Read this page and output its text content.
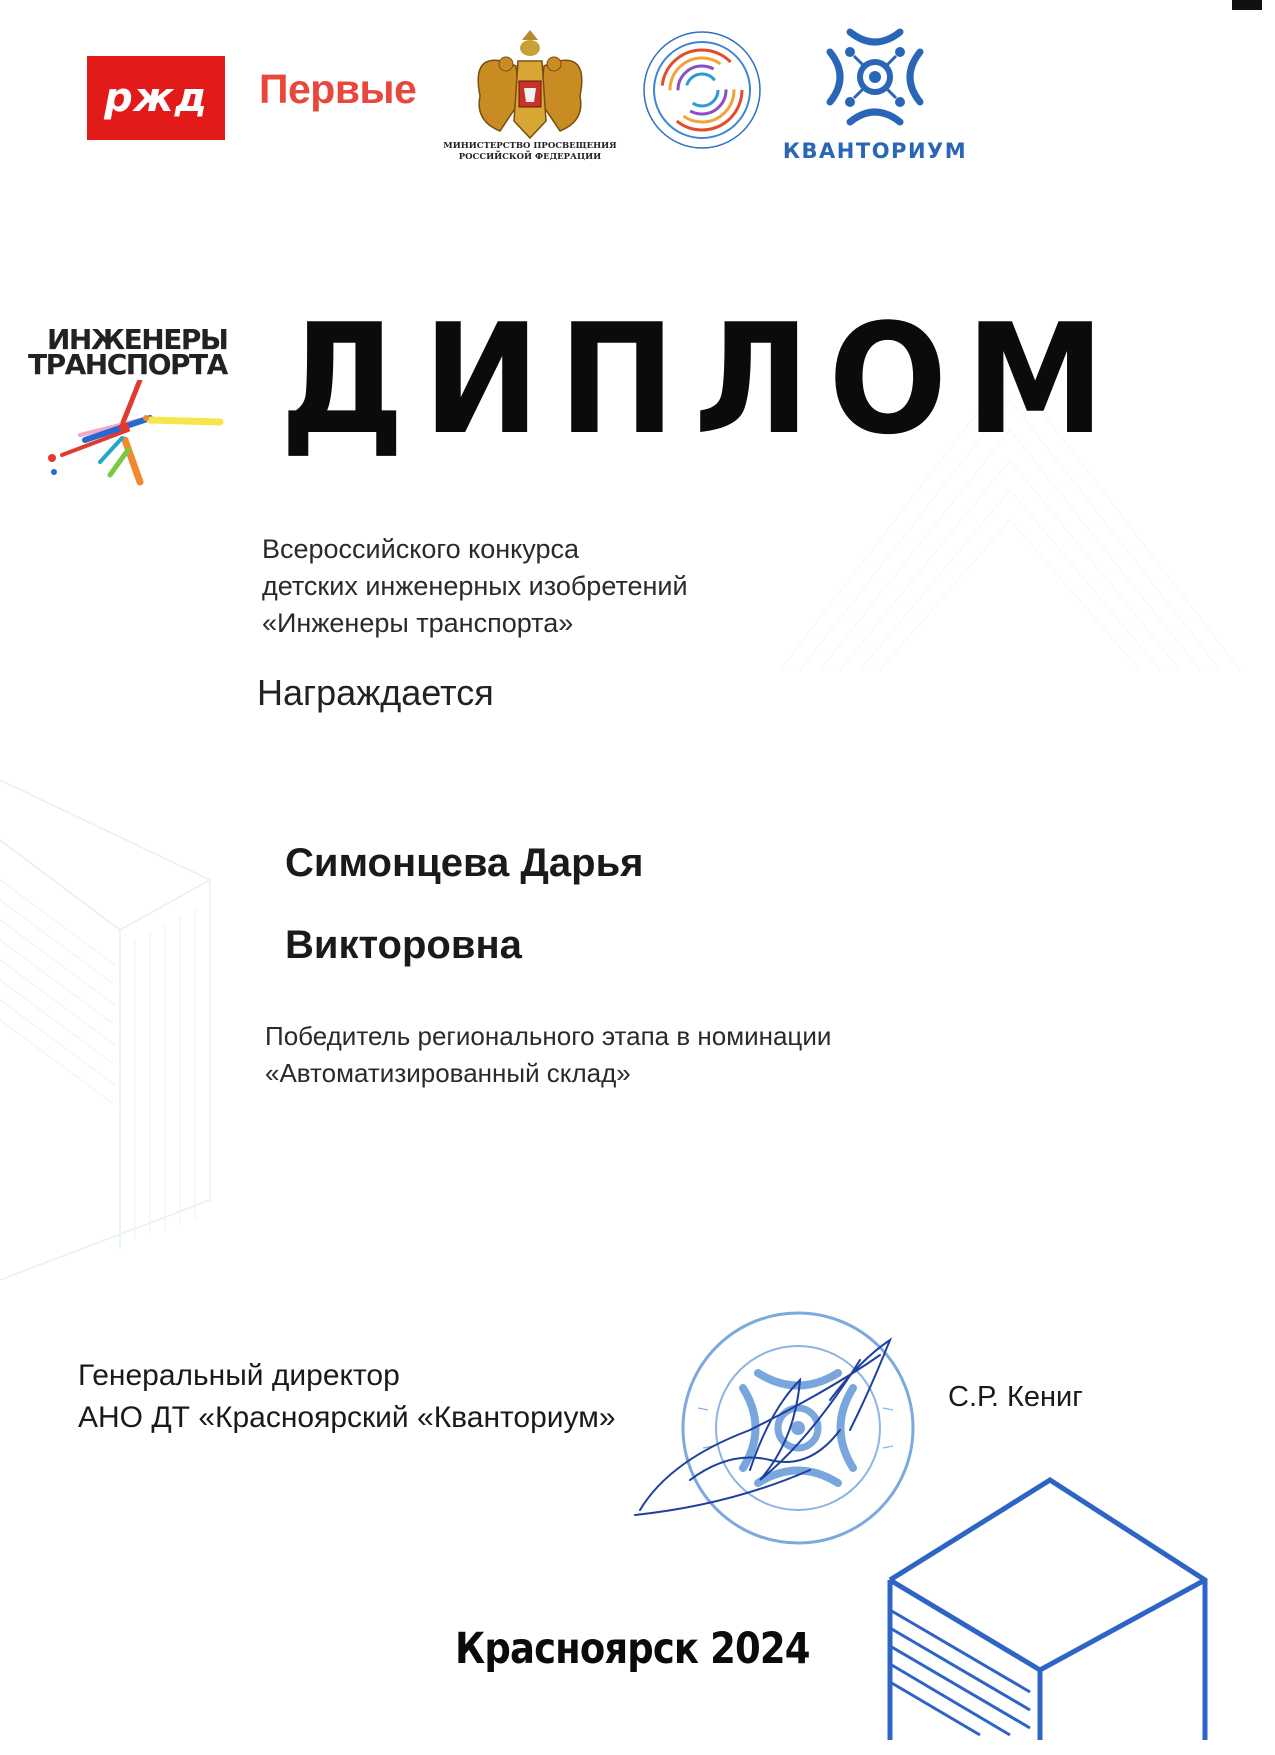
ржд	Первые
МИНИСТЕРСТВО ПРОСВЕЩЕНИЯ
РОССИЙСКОЙ ФЕДЕРАЦИИ	КВАНТОРИУМ
ИНЖЕНЕРЫ
ТРАНСПОРТА ДИПЛОМ
Всероссийского конкурса
детских инженерных изобретений
«Инженеры транспорта»
Награждается
Симонцева Дарья
Викторовна
Победитель регионального этапа в номинации
«Автоматизированный склад»
Генеральный директор
АНО ДТ «Красноярский «Кванториум»
С.Р. Кениг
Красноярск 2024
